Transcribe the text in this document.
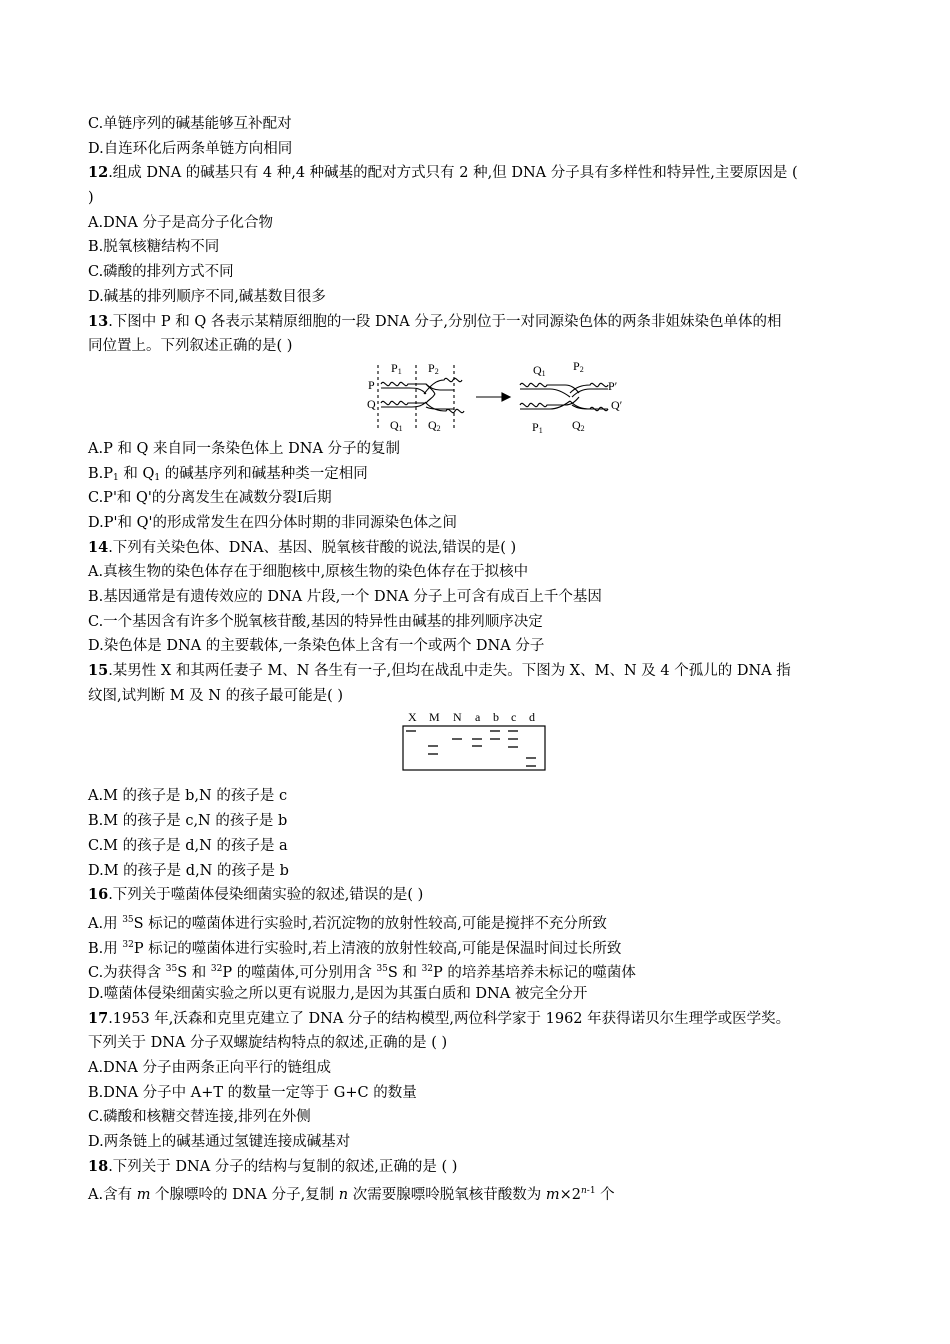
C.单链序列的碱基能够互补配对
D.自连环化后两条单链方向相同
12.组成 DNA 的碱基只有 4 种,4 种碱基的配对方式只有 2 种,但 DNA 分子具有多样性和特异性,主要原因是 (
)
A.DNA 分子是高分子化合物
B.脱氧核糖结构不同
C.磷酸的排列方式不同
D.碱基的排列顺序不同,碱基数目很多
13.下图中 P 和 Q 各表示某精原细胞的一段 DNA 分子,分别位于一对同源染色体的两条非姐妹染色单体的相
同位置上。下列叙述正确的是( )
P
Q
P1 P2
Q1 Q2
Q1
P2
P′
Q′
P1 Q2
A.P 和 Q 来自同一条染色体上 DNA 分子的复制
$B.P_1$ 和 $Q_1$ 的碱基序列和碱基种类一定相同
C.P'和 Q'的分离发生在减数分裂Ⅰ后期
D.P'和 Q'的形成常发生在四分体时期的非同源染色体之间
14.下列有关染色体、DNA、基因、脱氧核苷酸的说法,错误的是( )
A.真核生物的染色体存在于细胞核中,原核生物的染色体存在于拟核中
B.基因通常是有遗传效应的 DNA 片段,一个 DNA 分子上可含有成百上千个基因
C.一个基因含有许多个脱氧核苷酸,基因的特异性由碱基的排列顺序决定
D.染色体是 DNA 的主要载体,一条染色体上含有一个或两个 DNA 分子
15.某男性 X 和其两任妻子 M、N 各生有一子,但均在战乱中走失。下图为 X、M、N 及 4 个孤儿的 DNA 指
纹图,试判断 M 及 N 的孩子最可能是( )
X M N a b c d
A.M 的孩子是 b,N 的孩子是 c
B.M 的孩子是 c,N 的孩子是 b
C.M 的孩子是 d,N 的孩子是 a
D.M 的孩子是 d,N 的孩子是 b
16.下列关于噬菌体侵染细菌实验的叙述,错误的是( )
A.用 $^{35}$S 标记的噬菌体进行实验时,若沉淀物的放射性较高,可能是搅拌不充分所致
B.用 $^{32}$P 标记的噬菌体进行实验时,若上清液的放射性较高,可能是保温时间过长所致
C.为获得含 $^{35}$S 和 $^{32}$P 的噬菌体,可分别用含 $^{35}$S 和 $^{32}$P 的培养基培养未标记的噬菌体
D.噬菌体侵染细菌实验之所以更有说服力,是因为其蛋白质和 DNA 被完全分开
17.1953 年,沃森和克里克建立了 DNA 分子的结构模型,两位科学家于 1962 年获得诺贝尔生理学或医学奖。
下列关于 DNA 分子双螺旋结构特点的叙述,正确的是 ( )
A.DNA 分子由两条正向平行的链组成
B.DNA 分子中 A+T 的数量一定等于 G+C 的数量
C.磷酸和核糖交替连接,排列在外侧
D.两条链上的碱基通过氢键连接成碱基对
18.下列关于 DNA 分子的结构与复制的叙述,正确的是 ( )
A.含有 m 个腺嘌呤的 DNA 分子,复制 n 次需要腺嘌呤脱氧核苷酸数为 $m\times 2^{n-1}$ 个
